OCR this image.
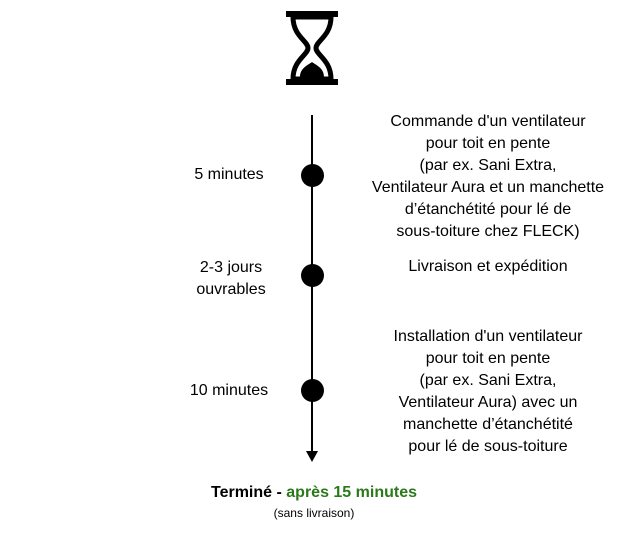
5 minutes
Commande d'un ventilateur
pour toit en pente
(par ex. Sani Extra,
Ventilateur Aura et un manchette
d’étanchétité pour lé de
sous-toiture chez FLECK)
2-3 jours
ouvrables
Livraison et expédition
10 minutes
Installation d'un ventilateur
pour toit en pente
(par ex. Sani Extra,
Ventilateur Aura) avec un
manchette d’étanchétité
pour lé de sous-toiture
Terminé - après 15 minutes
(sans livraison)
